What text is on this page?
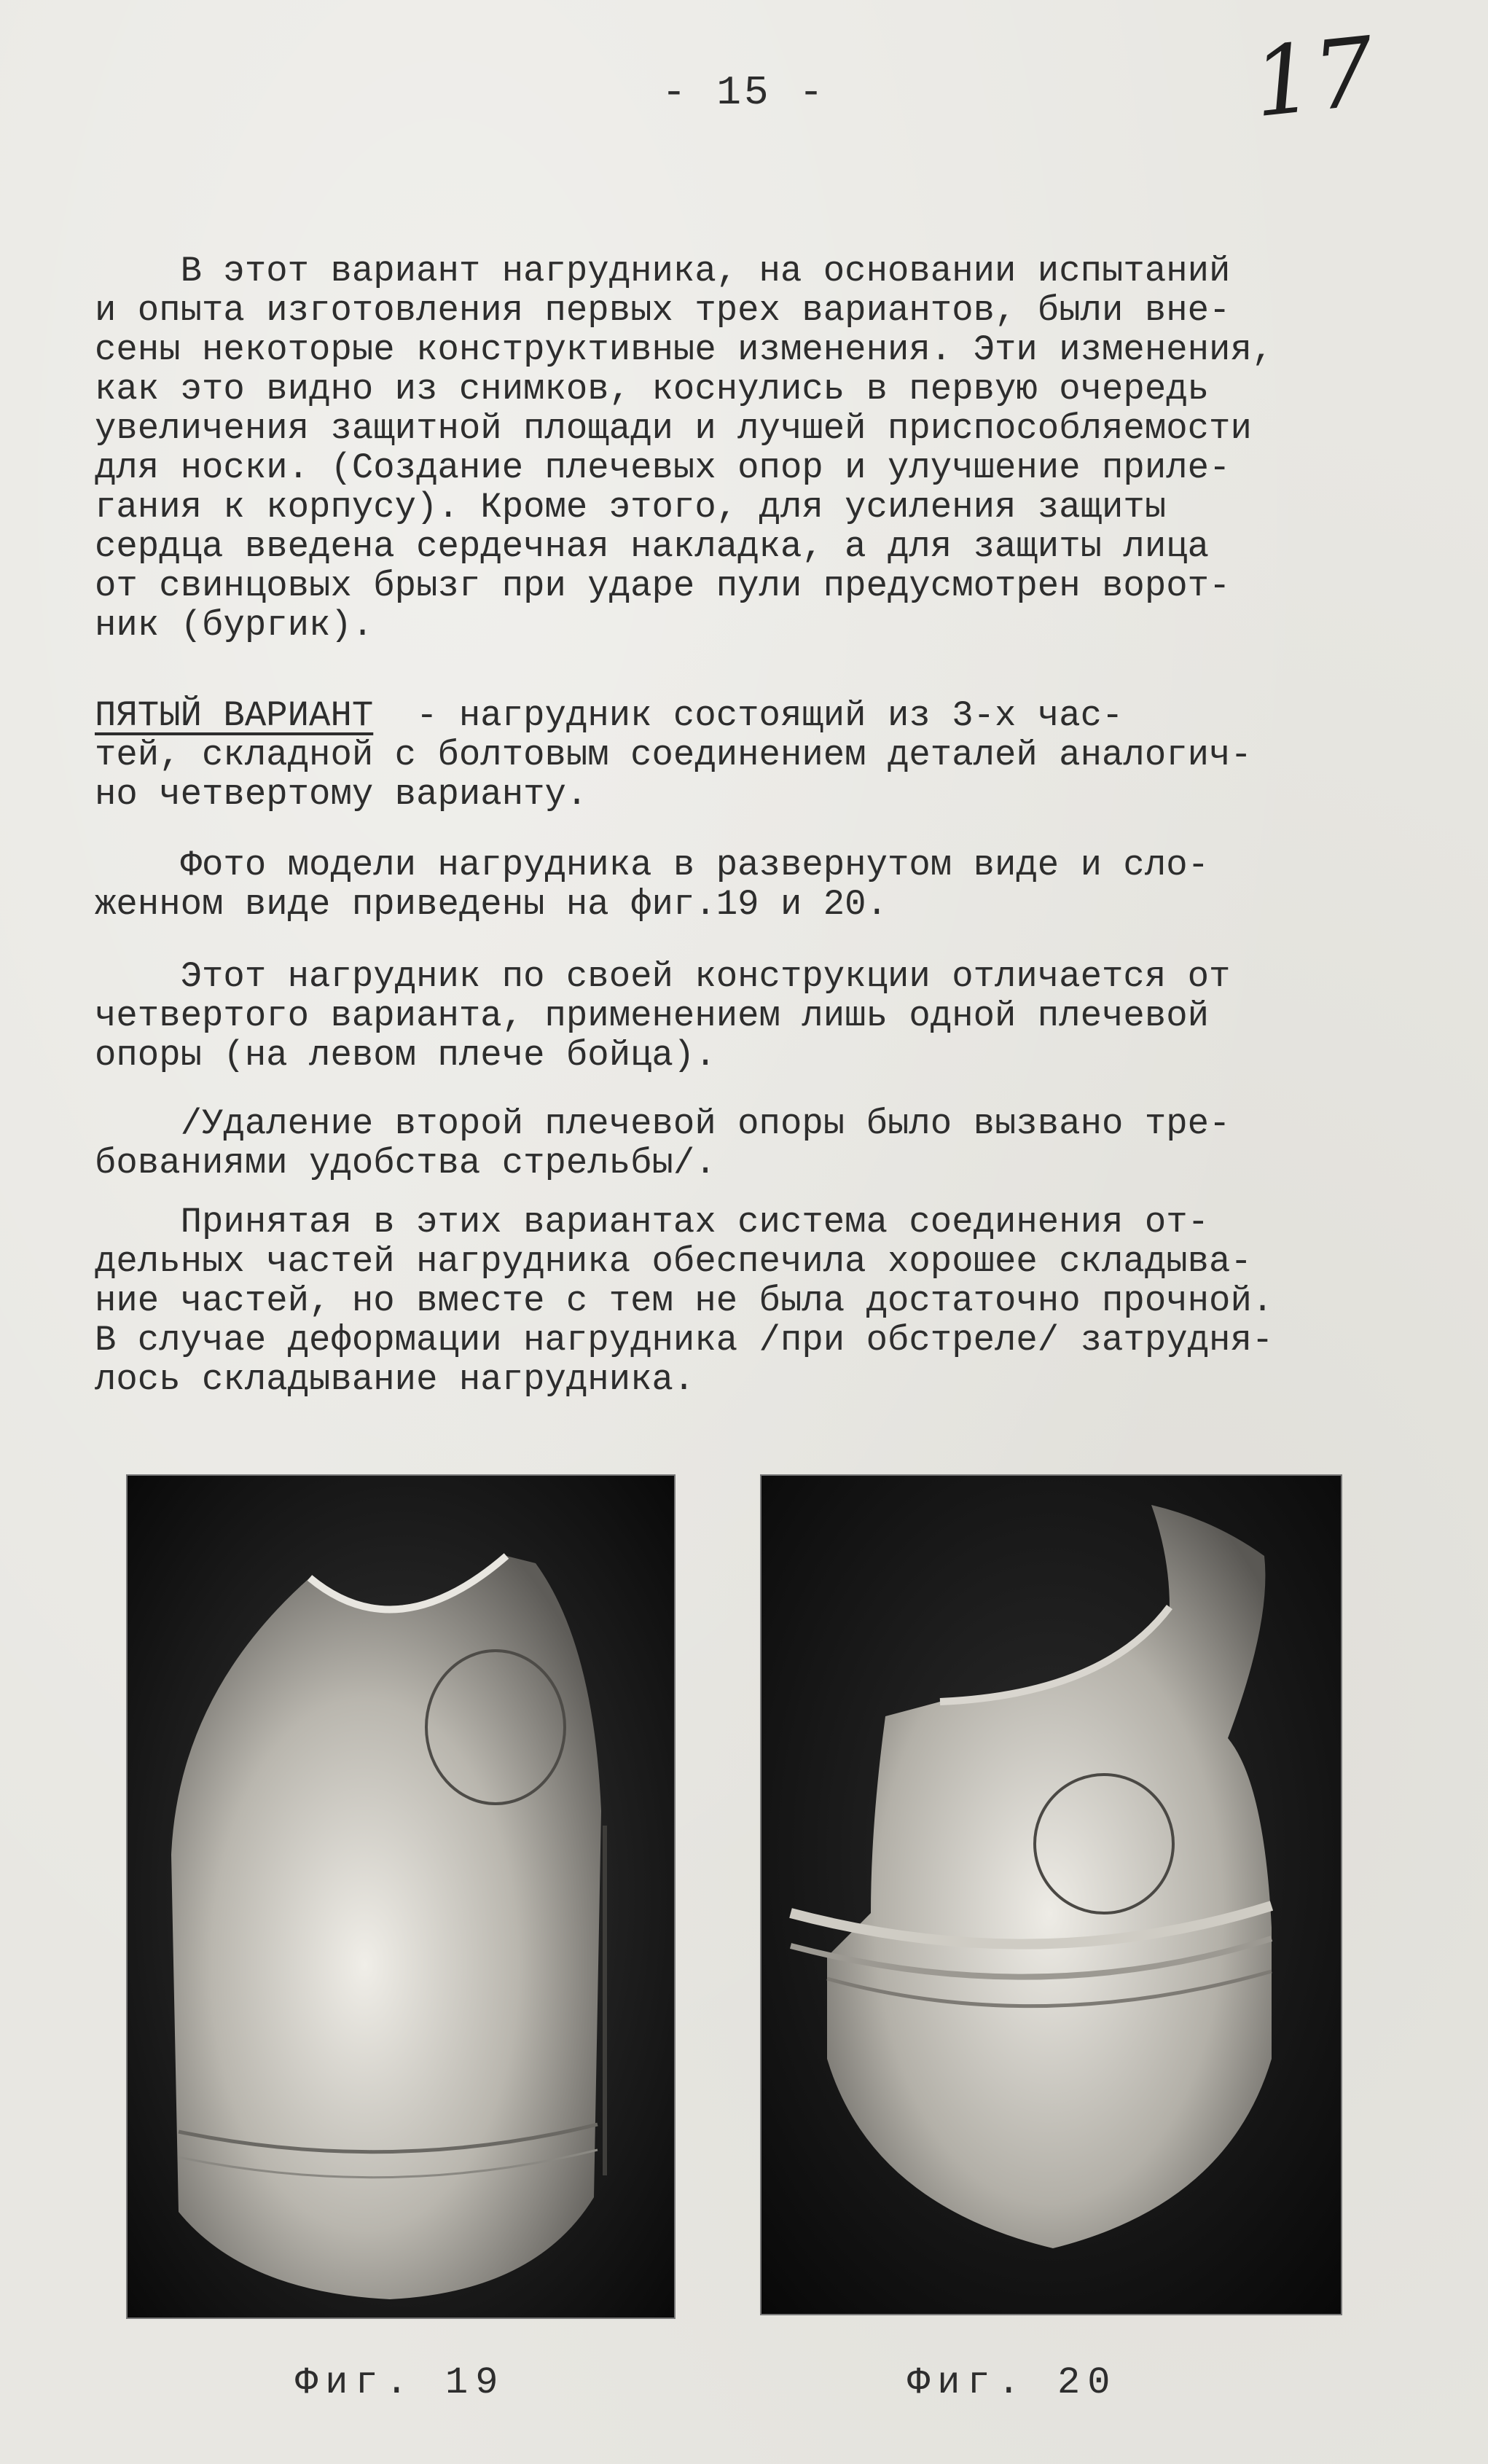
- 15 -	17
В этот вариант нагрудника, на основании испытаний
и опыта изготовления первых трех вариантов, были вне-
сены некоторые конструктивные изменения. Эти изменения,
как это видно из снимков, коснулись в первую очередь
увеличения защитной площади и лучшей приспособляемости
для носки. (Создание плечевых опор и улучшение приле-
гания к корпусу). Кроме этого, для усиления защиты
сердца введена сердечная накладка, а для защиты лица
от свинцовых брызг при ударе пули предусмотрен ворот-
ник (бургик).
ПЯТЫЙ ВАРИАНТ  - нагрудник состоящий из 3-х час-
тей, складной с болтовым соединением деталей аналогич-
но четвертому варианту.
Фото модели нагрудника в развернутом виде и сло-
женном виде приведены на фиг.19 и 20.
Этот нагрудник по своей конструкции отличается от
четвертого варианта, применением лишь одной плечевой
опоры (на левом плече бойца).
/Удаление второй плечевой опоры было вызвано тре-
бованиями удобства стрельбы/.
Принятая в этих вариантах система соединения от-
дельных частей нагрудника обеспечила хорошее складыва-
ние частей, но вместе с тем не была достаточно прочной.
В случае деформации нагрудника /при обстреле/ затрудня-
лось складывание нагрудника.
Фиг. 19	Фиг. 20
